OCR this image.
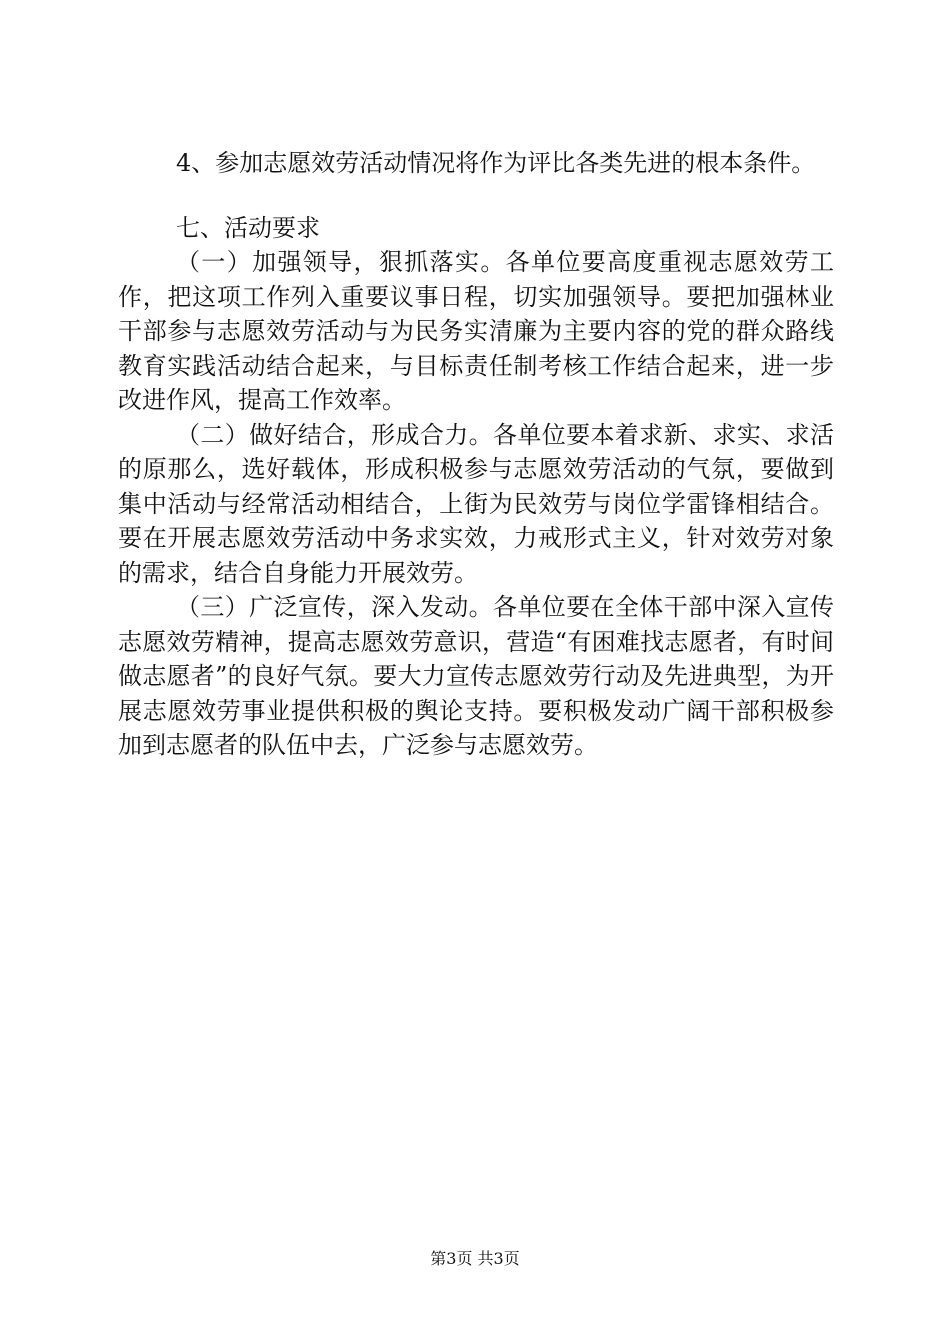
4、参加志愿效劳活动情况将作为评比各类先进的根本条件。

七、活动要求

（一）加强领导，狠抓落实。各单位要高度重视志愿效劳工作，把这项工作列入重要议事日程，切实加强领导。要把加强林业干部参与志愿效劳活动与为民务实清廉为主要内容的党的群众路线教育实践活动结合起来，与目标责任制考核工作结合起来，进一步改进作风，提高工作效率。

（二）做好结合，形成合力。各单位要本着求新、求实、求活的原那么，选好载体，形成积极参与志愿效劳活动的气氛，要做到集中活动与经常活动相结合，上街为民效劳与岗位学雷锋相结合。要在开展志愿效劳活动中务求实效，力戒形式主义，针对效劳对象的需求，结合自身能力开展效劳。

（三）广泛宣传，深入发动。各单位要在全体干部中深入宣传志愿效劳精神，提高志愿效劳意识，营造“有困难找志愿者，有时间做志愿者”的良好气氛。要大力宣传志愿效劳行动及先进典型，为开展志愿效劳事业提供积极的舆论支持。要积极发动广阔干部积极参加到志愿者的队伍中去，广泛参与志愿效劳。

第3页 共3页
